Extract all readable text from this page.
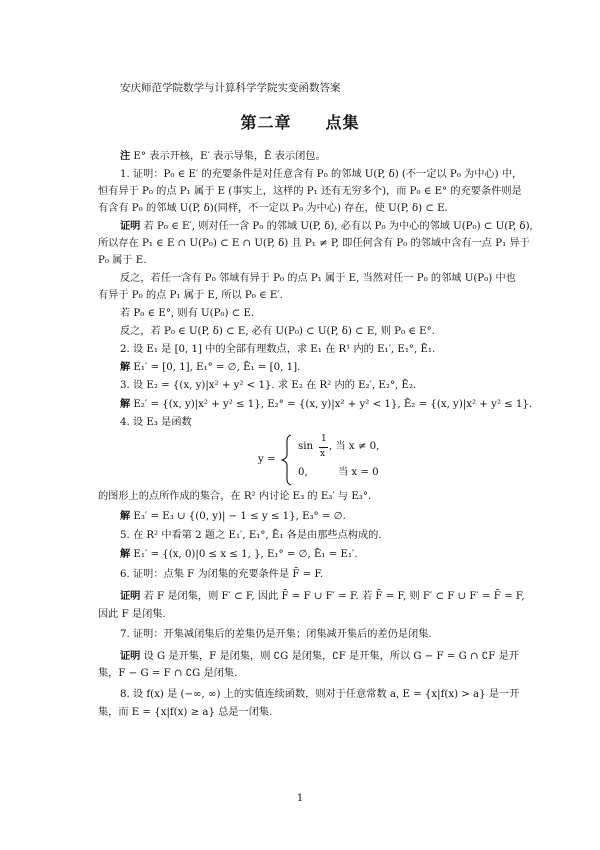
安庆师范学院数学与计算科学学院实变函数答案
第二章　　点集
注 E° 表示开核，E′ 表示导集，Ē 表示闭包。
1. 证明：P₀ ∈ E′ 的充要条件是对任意含有 P₀ 的邻域 U(P, δ) (不一定以 P₀ 为中心) 中，
恒有异于 P₀ 的点 P₁ 属于 E (事实上，这样的 P₁ 还有无穷多个)，而 P₀ ∈ E° 的充要条件则是
有含有 P₀ 的邻域 U(P, δ)(同样，不一定以 P₀ 为中心) 存在，使 U(P, δ) ⊂ E.
证明 若 P₀ ∈ E′, 则对任一含 P₀ 的邻域 U(P, δ), 必有以 P₀ 为中心的邻域 U(P₀) ⊂ U(P, δ),
所以存在 P₁ ∈ E ∩ U(P₀) ⊂ E ∩ U(P, δ) 且 P₁ ≠ P, 即任何含有 P₀ 的邻域中含有一点 P₁ 异于
P₀ 属于 E.
反之，若任一含有 P₀ 邻域有异于 P₀ 的点 P₁ 属于 E, 当然对任一 P₀ 的邻域 U(P₀) 中也
有异于 P₀ 的点 P₁ 属于 E, 所以 P₀ ∈ E′.
若 P₀ ∈ E°, 则有 U(P₀) ⊂ E.
反之，若 P₀ ∈ U(P, δ) ⊂ E, 必有 U(P₀) ⊂ U(P, δ) ⊂ E, 则 P₀ ∈ E°.
2. 设 E₁ 是 [0, 1] 中的全部有理数点，求 E₁ 在 R¹ 内的 E₁′, E₁°, Ē₁.
解 E₁′ = [0, 1], E₁° = ∅, Ē₁ = [0, 1].
3. 设 E₂ = {(x, y)|x² + y² < 1}. 求 E₂ 在 R² 内的 E₂′, E₂°, Ē₂.
解 E₂′ = {(x, y)|x² + y² ≤ 1}, E₂° = {(x, y)|x² + y² < 1}, Ē₂ = {(x, y)|x² + y² ≤ 1}.
4. 设 E₃ 是函数
的图形上的点所作成的集合，在 R² 内讨论 E₃ 的 E₃′ 与 E₃°.
解 E₃′ = E₃ ∪ {(0, y)| − 1 ≤ y ≤ 1}, E₃° = ∅.
5. 在 R² 中看第 2 题之 E₁′, E₁°, Ē₁ 各是由那些点构成的.
解 E₁′ = {(x, 0)|0 ≤ x ≤ 1, }, E₁° = ∅, Ē₁ = E₁′.
6. 证明：点集 F 为闭集的充要条件是 F̄ = F.
证明 若 F 是闭集，则 F′ ⊂ F, 因此 F̄ = F ∪ F′ = F. 若 F̄ = F, 则 F′ ⊂ F ∪ F′ = F̄ = F,
因此 F 是闭集.
7. 证明：开集减闭集后的差集仍是开集；闭集减开集后的差仍是闭集.
证明 设 G 是开集，F 是闭集，则 ∁G 是闭集，∁F 是开集，所以 G − F = G ∩ ∁F 是开
集，F − G = F ∩ ∁G 是闭集.
8. 设 f(x) 是 (−∞, ∞) 上的实值连续函数，则对于任意常数 a, E = {x|f(x) > a} 是一开
集，而 E = {x|f(x) ≥ a} 总是一闭集.
y =
sin
1
x
, 当 x ≠ 0,
0,	当 x = 0
1
